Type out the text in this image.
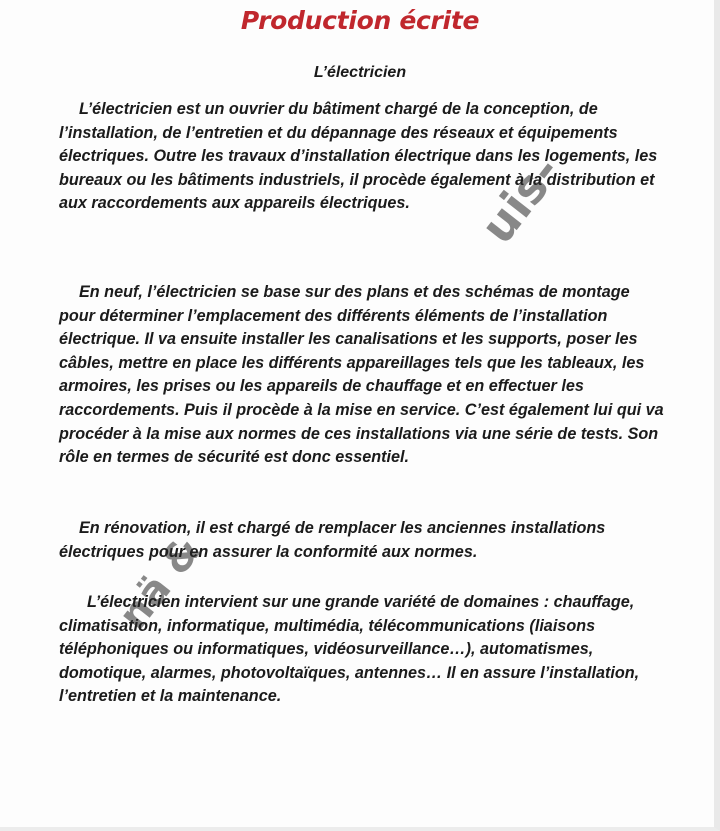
Production écrite
L’électricien

L’électricien est un ouvrier du bâtiment chargé de la conception, de l’installation, de l’entretien et du dépannage des réseaux et équipements électriques. Outre les travaux d’installation électrique dans les logements, les bureaux ou les bâtiments industriels, il procède également à la distribution et aux raccordements aux appareils électriques.

En neuf, l’électricien se base sur des plans et des schémas de montage pour déterminer l’emplacement des différents éléments de l’installation électrique. Il va ensuite installer les canalisations et les supports, poser les câbles, mettre en place les différents appareillages tels que les tableaux, les armoires, les prises ou les appareils de chauffage et en effectuer les raccordements. Puis il procède à la mise en service. C’est également lui qui va procéder à la mise aux normes de ces installations via une série de tests. Son rôle en termes de sécurité est donc essentiel.

En rénovation, il est chargé de remplacer les anciennes installations électriques pour en assurer la conformité aux normes.

L’électricien intervient sur une grande variété de domaines : chauffage, climatisation, informatique, multimédia, télécommunications (liaisons téléphoniques ou informatiques, vidéosurveillance…), automatismes, domotique, alarmes, photovoltaïques, antennes… Il en assure l’installation, l’entretien et la maintenance.

uis-
nä &
